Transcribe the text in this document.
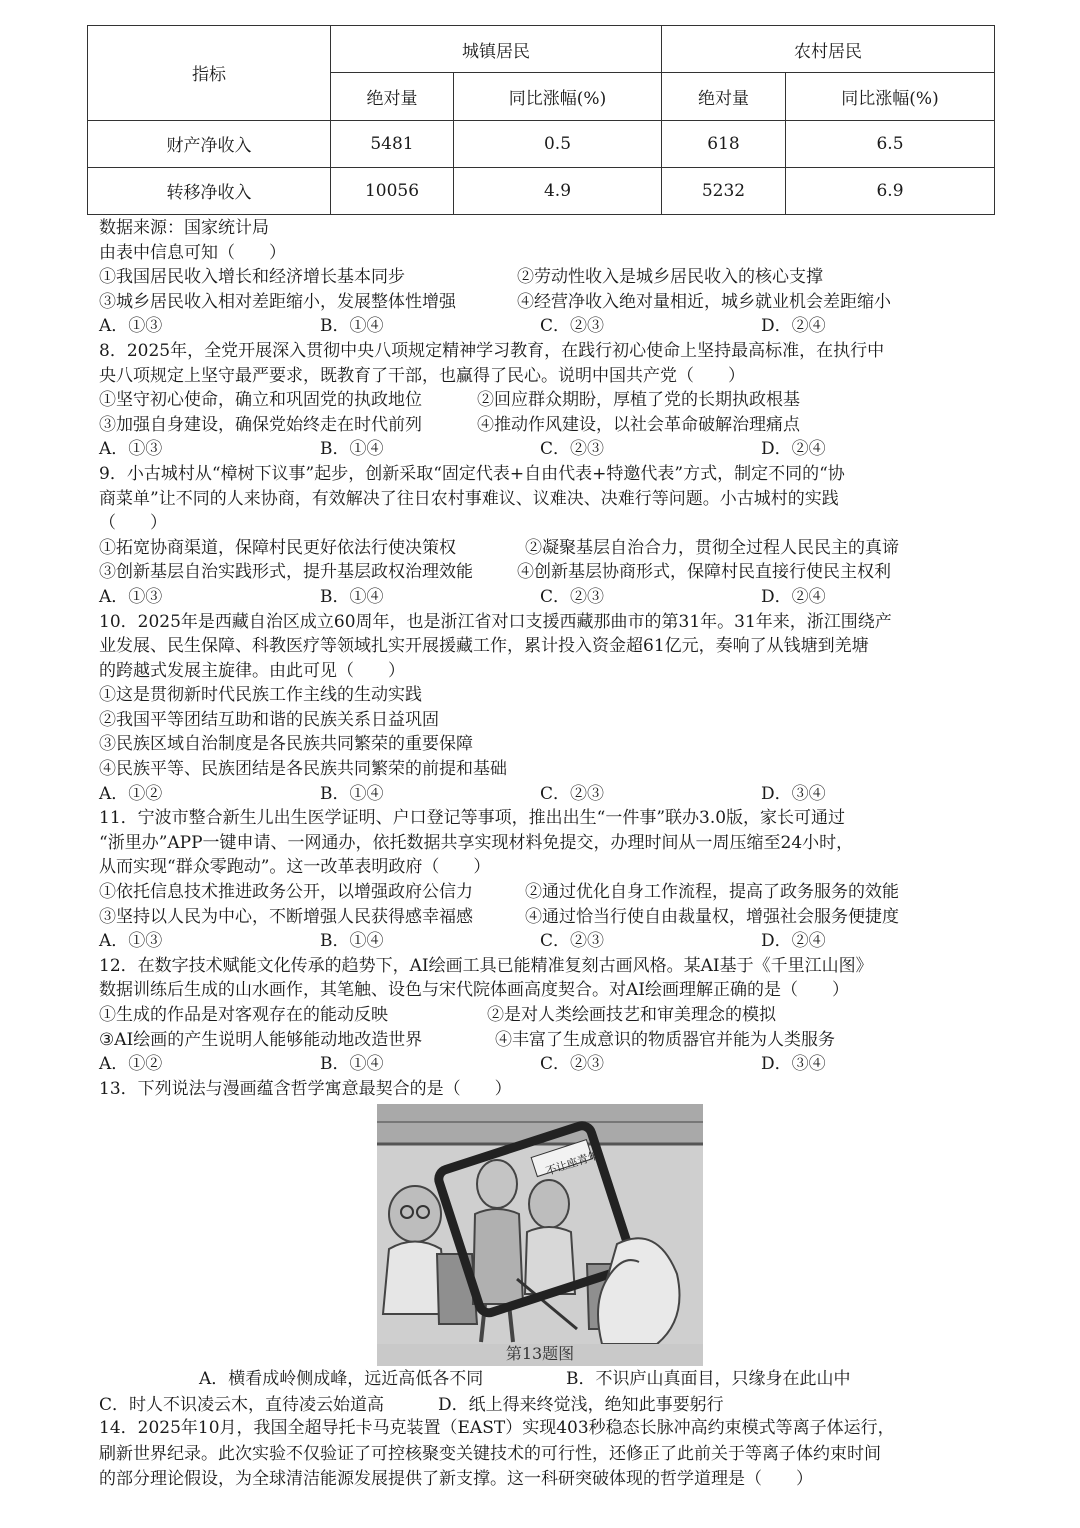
指标	城镇居民		农村居民	
	绝对量	同比涨幅(%)	绝对量	同比涨幅(%)
财产净收入	5481	0.5	618	6.5
转移净收入	10056	4.9	5232	6.9
数据来源：国家统计局
由表中信息可知（　　）
①我国居民收入增长和经济增长基本同步	②劳动性收入是城乡居民收入的核心支撑
③城乡居民收入相对差距缩小，发展整体性增强	④经营净收入绝对量相近，城乡就业机会差距缩小
A．①③	B．①④	C．②③	D．②④
8．2025年，全党开展深入贯彻中央八项规定精神学习教育，在践行初心使命上坚持最高标准，在执行中
央八项规定上坚守最严要求，既教育了干部，也赢得了民心。说明中国共产党（　　）
①坚守初心使命，确立和巩固党的执政地位	②回应群众期盼，厚植了党的长期执政根基
③加强自身建设，确保党始终走在时代前列	④推动作风建设，以社会革命破解治理痛点
A．①③	B．①④	C．②③	D．②④
9．小古城村从“樟树下议事”起步，创新采取“固定代表+自由代表+特邀代表”方式，制定不同的“协
商菜单”让不同的人来协商，有效解决了往日农村事难议、议难决、决难行等问题。小古城村的实践
（　　）
①拓宽协商渠道，保障村民更好依法行使决策权	②凝聚基层自治合力，贯彻全过程人民民主的真谛
③创新基层自治实践形式，提升基层政权治理效能	④创新基层协商形式，保障村民直接行使民主权利
A．①③	B．①④	C．②③	D．②④
10．2025年是西藏自治区成立60周年，也是浙江省对口支援西藏那曲市的第31年。31年来，浙江围绕产
业发展、民生保障、科教医疗等领域扎实开展援藏工作，累计投入资金超61亿元，奏响了从钱塘到羌塘
的跨越式发展主旋律。由此可见（　　）
①这是贯彻新时代民族工作主线的生动实践
②我国平等团结互助和谐的民族关系日益巩固
③民族区域自治制度是各民族共同繁荣的重要保障
④民族平等、民族团结是各民族共同繁荣的前提和基础
A．①②	B．①④	C．②③	D．③④
11．宁波市整合新生儿出生医学证明、户口登记等事项，推出出生“一件事”联办3.0版，家长可通过
“浙里办”APP一键申请、一网通办，依托数据共享实现材料免提交，办理时间从一周压缩至24小时，
从而实现“群众零跑动”。这一改革表明政府（　　）
①依托信息技术推进政务公开，以增强政府公信力	②通过优化自身工作流程，提高了政务服务的效能
③坚持以人民为中心，不断增强人民获得感幸福感	④通过恰当行使自由裁量权，增强社会服务便捷度
A．①③	B．①④	C．②③	D．②④
12．在数字技术赋能文化传承的趋势下，AI绘画工具已能精准复刻古画风格。某AI基于《千里江山图》
数据训练后生成的山水画作，其笔触、设色与宋代院体画高度契合。对AI绘画理解正确的是（　　）
①生成的作品是对客观存在的能动反映	②是对人类绘画技艺和审美理念的模拟
③AI绘画的产生说明人能够能动地改造世界	④丰富了生成意识的物质器官并能为人类服务
A．①②	B．①④	C．②③	D．③④
13．下列说法与漫画蕴含哲学寓意最契合的是（　　）
不让座青年
第13题图
A．横看成岭侧成峰，远近高低各不同	B．不识庐山真面目，只缘身在此山中
C．时人不识凌云木，直待凌云始道高	D．纸上得来终觉浅，绝知此事要躬行
14．2025年10月，我国全超导托卡马克装置（EAST）实现403秒稳态长脉冲高约束模式等离子体运行，
刷新世界纪录。此次实验不仅验证了可控核聚变关键技术的可行性，还修正了此前关于等离子体约束时间
的部分理论假设，为全球清洁能源发展提供了新支撑。这一科研突破体现的哲学道理是（　　）
